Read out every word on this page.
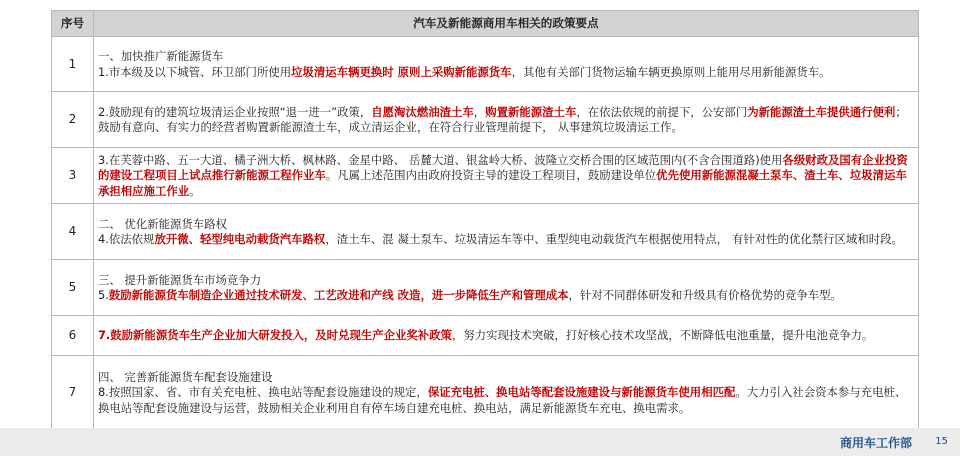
序号	汽车及新能源商用车相关的政策要点
1	一、加快推广新能源货车
1.市本级及以下城管、环卫部门所使用垃圾清运车辆更换时 原则上采购新能源货车，其他有关部门货物运输车辆更换原则上能用尽用新能源货车。
2	2.鼓励现有的建筑垃圾清运企业按照“退一进一”政策，自愿淘汰燃油渣土车，购置新能源渣土车，在依法依规的前提下，公安部门为新能源渣土车提供通行便利；鼓励有意向、有实力的经营者购置新能源渣土车，成立清运企业，在符合行业管理前提下， 从事建筑垃圾清运工作。
3	3.在芙蓉中路、五一大道、橘子洲大桥、枫林路、金星中路、 岳麓大道、银盆岭大桥、波隆立交桥合围的区域范围内(不含合围道路)使用各级财政及国有企业投资的建设工程项目上试点推行新能源工程作业车。凡属上述范围内由政府投资主导的建设工程项目，鼓励建设单位优先使用新能源混凝土泵车、渣土车、垃圾清运车承担相应施工作业。
4	二、 优化新能源货车路权
4.依法依规放开微、轻型纯电动载货汽车路权，渣土车、混 凝土泵车、垃圾清运车等中、重型纯电动载货汽车根据使用特点， 有针对性的优化禁行区域和时段。
5	三、 提升新能源货车市场竞争力
5.鼓励新能源货车制造企业通过技术研发、工艺改进和产线 改造，进一步降低生产和管理成本，针对不同群体研发和升级具有价格优势的竞争车型。
6	7.鼓励新能源货车生产企业加大研发投入，及时兑现生产企业奖补政策，努力实现技术突破，打好核心技术攻坚战，不断降低电池重量，提升电池竞争力。
7	四、 完善新能源货车配套设施建设
8.按照国家、省、市有关充电桩、换电站等配套设施建设的规定，保证充电桩、换电站等配套设施建设与新能源货车使用相匹配。大力引入社会资本参与充电桩、换电站等配套设施建设与运营，鼓励相关企业利用自有停车场自建充电桩、换电站，满足新能源货车充电、换电需求。
商用车工作部 15
